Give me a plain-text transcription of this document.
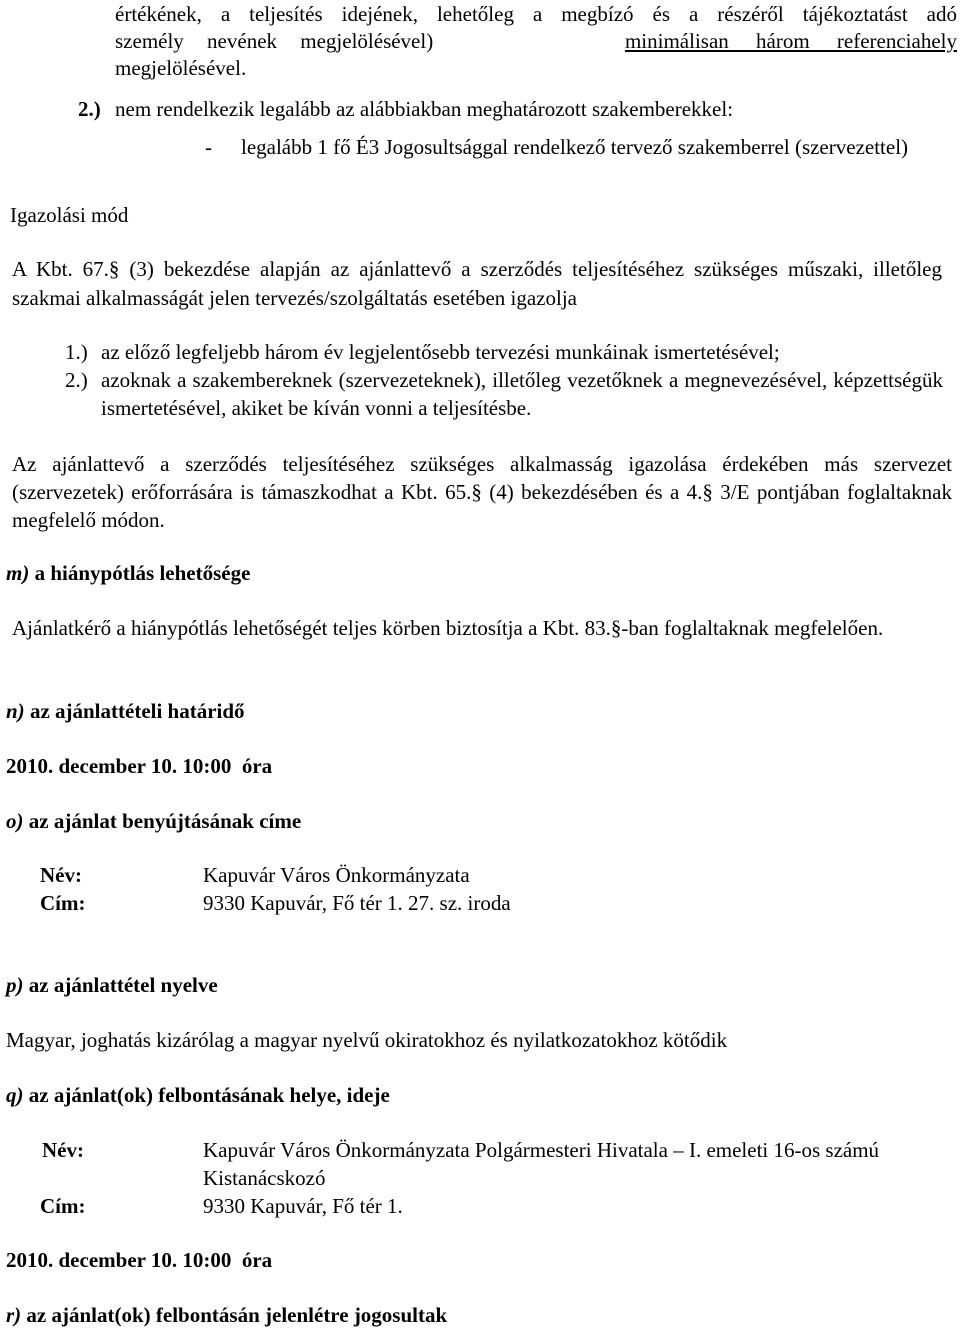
értékének, a teljesítés idejének, lehetőleg a megbízó és a részéről tájékoztatást adó
személy nevének megjelölésével)	minimálisan három referenciahely
megjelölésével.
2.) nem rendelkezik legalább az alábbiakban meghatározott szakemberekkel:
- legalább 1 fő É3 Jogosultsággal rendelkező tervező szakemberrel (szervezettel)
Igazolási mód
A Kbt. 67.§ (3) bekezdése alapján az ajánlattevő a szerződés teljesítéséhez szükséges műszaki, illetőleg szakmai alkalmasságát jelen tervezés/szolgáltatás esetében igazolja
1.) az előző legfeljebb három év legjelentősebb tervezési munkáinak ismertetésével;
2.) azoknak a szakembereknek (szervezeteknek), illetőleg vezetőknek a megnevezésével, képzettségük ismertetésével, akiket be kíván vonni a teljesítésbe.
Az ajánlattevő a szerződés teljesítéséhez szükséges alkalmasság igazolása érdekében más szervezet (szervezetek) erőforrására is támaszkodhat a Kbt. 65.§ (4) bekezdésében és a 4.§ 3/E pontjában foglaltaknak megfelelő módon.
m) a hiánypótlás lehetősége
Ajánlatkérő a hiánypótlás lehetőségét teljes körben biztosítja a Kbt. 83.§-ban foglaltaknak megfelelően.
n) az ajánlattételi határidő
2010. december 10. 10:00  óra
o) az ajánlat benyújtásának címe
Név:	Kapuvár Város Önkormányzata
Cím:	9330 Kapuvár, Fő tér 1. 27. sz. iroda
p) az ajánlattétel nyelve
Magyar, joghatás kizárólag a magyar nyelvű okiratokhoz és nyilatkozatokhoz kötődik
q) az ajánlat(ok) felbontásának helye, ideje
Név:	Kapuvár Város Önkormányzata Polgármesteri Hivatala – I. emeleti 16-os számú Kistanácskozó
Cím:	9330 Kapuvár, Fő tér 1.
2010. december 10. 10:00  óra
r) az ajánlat(ok) felbontásán jelenlétre jogosultak
